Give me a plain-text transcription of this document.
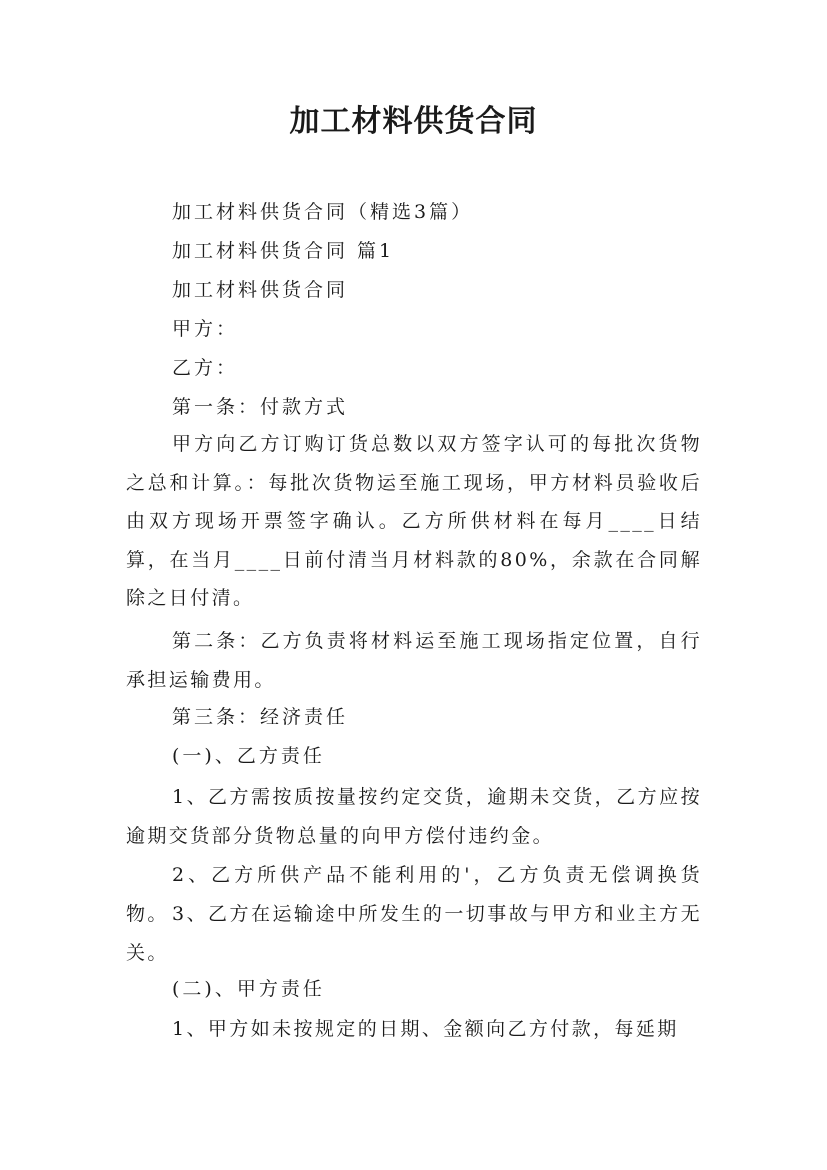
加工材料供货合同
加工材料供货合同（精选3篇）
加工材料供货合同 篇1
加工材料供货合同
甲方：
乙方：
第一条：付款方式
甲方向乙方订购订货总数以双方签字认可的每批次货物之总和计算。：每批次货物运至施工现场，甲方材料员验收后由双方现场开票签字确认。乙方所供材料在每月____日结算，在当月____日前付清当月材料款的80%，余款在合同解除之日付清。
第二条：乙方负责将材料运至施工现场指定位置，自行承担运输费用。
第三条：经济责任
(一)、乙方责任
1、乙方需按质按量按约定交货，逾期未交货，乙方应按逾期交货部分货物总量的向甲方偿付违约金。
2、乙方所供产品不能利用的'，乙方负责无偿调换货物。 3、乙方在运输途中所发生的一切事故与甲方和业主方无关。
(二)、甲方责任
1、甲方如未按规定的日期、金额向乙方付款，每延期
